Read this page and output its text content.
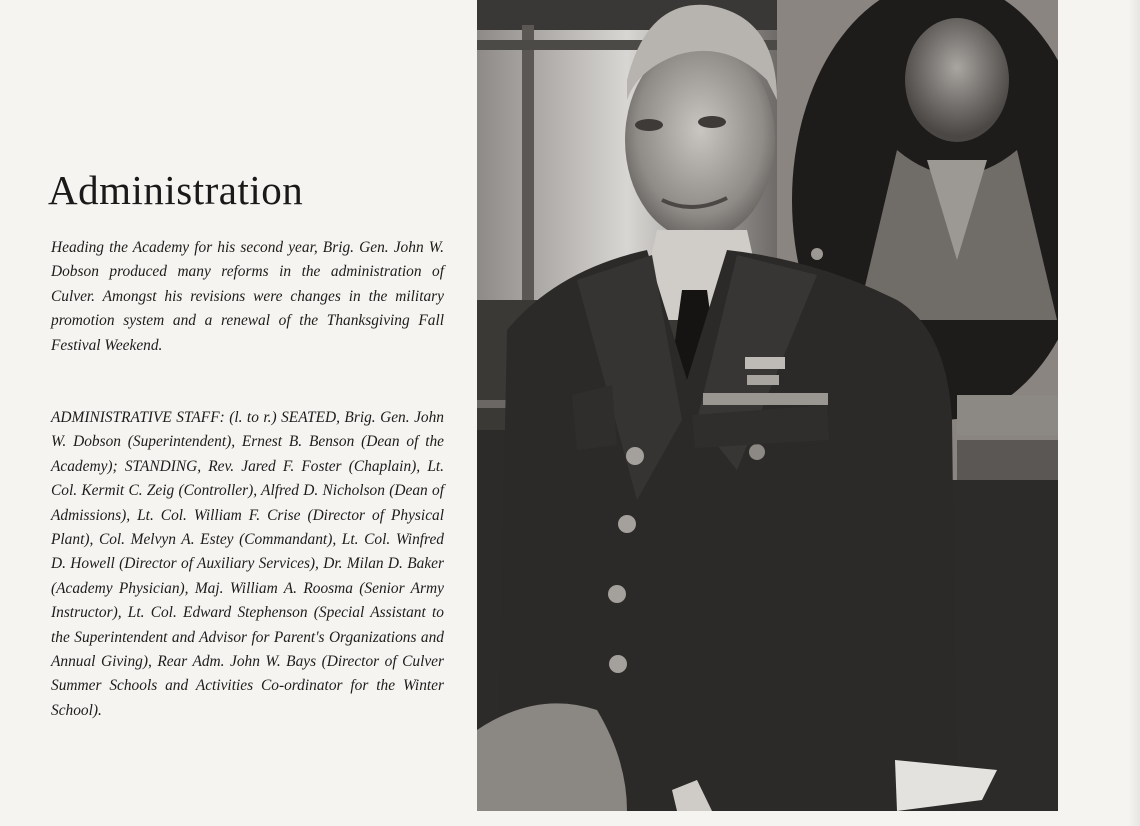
Administration

Heading the Academy for his second year, Brig. Gen. John W. Dobson produced many reforms in the administration of Culver. Amongst his revisions were changes in the military promotion system and a renewal of the Thanksgiving Fall Festival Weekend.

ADMINISTRATIVE STAFF: (l. to r.) SEATED, Brig. Gen. John W. Dobson (Superintendent), Ernest B. Benson (Dean of the Academy); STANDING, Rev. Jared F. Foster (Chaplain), Lt. Col. Kermit C. Zeig (Controller), Alfred D. Nicholson (Dean of Admissions), Lt. Col. William F. Crise (Director of Physical Plant), Col. Melvyn A. Estey (Commandant), Lt. Col. Winfred D. Howell (Director of Auxiliary Services), Dr. Milan D. Baker (Academy Physician), Maj. William A. Roosma (Senior Army Instructor), Lt. Col. Edward Stephenson (Special Assistant to the Superintendent and Advisor for Parent's Organizations and Annual Giving), Rear Adm. John W. Bays (Director of Culver Summer Schools and Activities Co-ordinator for the Winter School).
